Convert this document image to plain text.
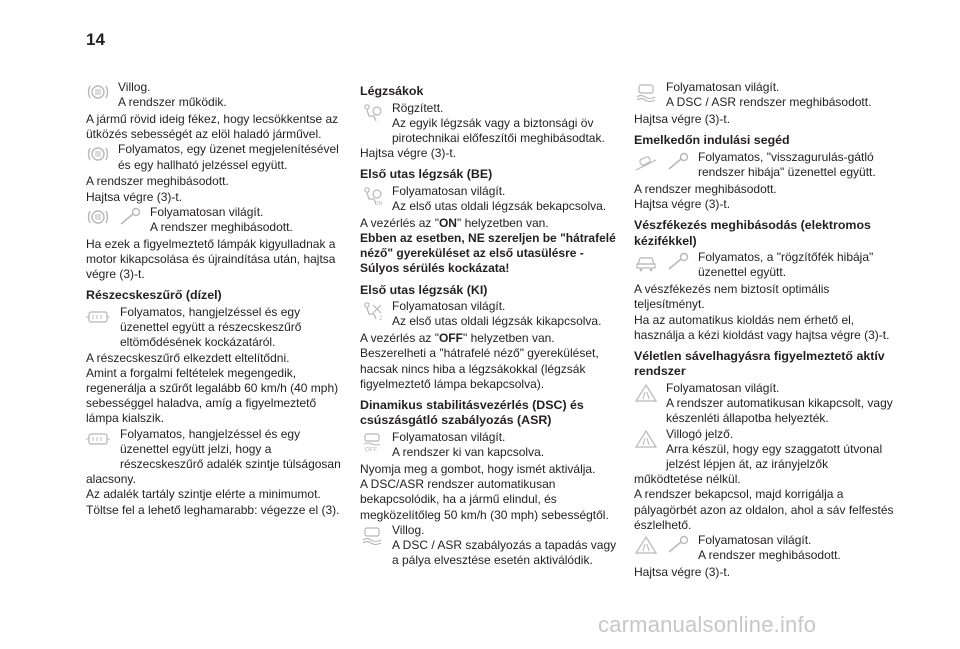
14
Villog.
A rendszer működik.
A jármű rövid ideig fékez, hogy lecsökkentse az ütközés sebességét az elöl haladó járművel.
Folyamatos, egy üzenet megjelenítésével és egy hallható jelzéssel együtt.
A rendszer meghibásodott.
Hajtsa végre (3)-t.
Folyamatosan világít.
A rendszer meghibásodott.
Ha ezek a figyelmeztető lámpák kigyulladnak a motor kikapcsolása és újraindítása után, hajtsa végre (3)-t.
Részecskeszűrő (dízel)
Folyamatos, hangjelzéssel és egy üzenettel együtt a részecskeszűrő eltömődésének kockázatáról.
A részecskeszűrő elkezdett eltelítődni.
Amint a forgalmi feltételek megengedik, regenerálja a szűrőt legalább 60 km/h (40 mph) sebességgel haladva, amíg a figyelmeztető lámpa kialszik.
Folyamatos, hangjelzéssel és egy üzenettel együtt jelzi, hogy a részecskeszűrő adalék szintje túlságosan alacsony.
Az adalék tartály szintje elérte a minimumot.
Töltse fel a lehető leghamarabb: végezze el (3).
Légzsákok
Rögzített.
Az egyik légzsák vagy a biztonsági öv pirotechnikai előfeszítői meghibásodtak.
Hajtsa végre (3)-t.
Első utas légzsák (BE)
ON
Folyamatosan világít.
Az első utas oldali légzsák bekapcsolva.
A vezérlés az "ON" helyzetben van.
Ebben az esetben, NE szereljen be "hátrafelé néző" gyereküléset az első utasülésre - Súlyos sérülés kockázata!
Első utas légzsák (KI)
2
Folyamatosan világít.
Az első utas oldali légzsák kikapcsolva.
A vezérlés az "OFF" helyzetben van.
Beszerelheti a "hátrafelé néző" gyereküléset, hacsak nincs hiba a légzsákokkal (légzsák figyelmeztető lámpa bekapcsolva).
Dinamikus stabilitásvezérlés (DSC) és csúszásgátló szabályozás (ASR)
OFF
Folyamatosan világít.
A rendszer ki van kapcsolva.
Nyomja meg a gombot, hogy ismét aktiválja.
A DSC/ASR rendszer automatikusan bekapcsolódik, ha a jármű elindul, és megközelítőleg 50 km/h (30 mph) sebességtől.
Villog.
A DSC / ASR szabályozás a tapadás vagy a pálya elvesztése esetén aktiválódik.
Folyamatosan világít.
A DSC / ASR rendszer meghibásodott.
Hajtsa végre (3)-t.
Emelkedőn indulási segéd
Folyamatos, "visszagurulás-gátló rendszer hibája" üzenettel együtt.
A rendszer meghibásodott.
Hajtsa végre (3)-t.
Vészfékezés meghibásodás (elektromos kézifékkel)
Folyamatos, a "rögzítőfék hibája" üzenettel együtt.
A vészfékezés nem biztosít optimális teljesítményt.
Ha az automatikus kioldás nem érhető el, használja a kézi kioldást vagy hajtsa végre (3)-t.
Véletlen sávelhagyásra figyelmeztető aktív rendszer
Folyamatosan világít.
A rendszer automatikusan kikapcsolt, vagy készenléti állapotba helyezték.
Villogó jelző.
Arra készül, hogy egy szaggatott útvonal jelzést lépjen át, az irányjelzők működtetése nélkül.
A rendszer bekapcsol, majd korrigálja a pályagörbét azon az oldalon, ahol a sáv felfestés észlelhető.
Folyamatosan világít.
A rendszer meghibásodott.
Hajtsa végre (3)-t.
carmanualsonline.info
